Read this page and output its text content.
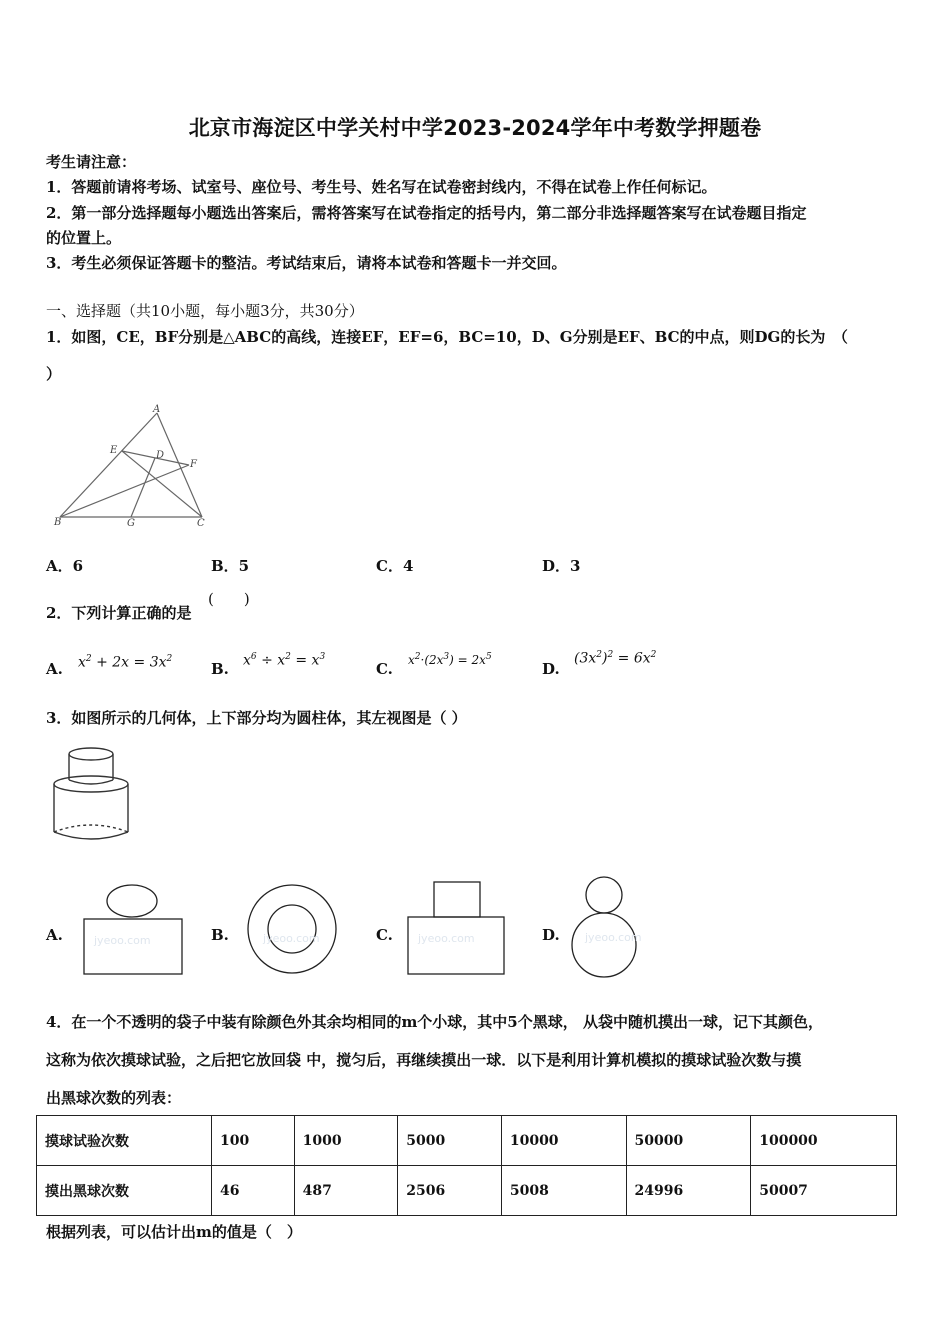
北京市海淀区中学关村中学2023-2024学年中考数学押题卷
考生请注意：
1．答题前请将考场、试室号、座位号、考生号、姓名写在试卷密封线内，不得在试卷上作任何标记。
2．第一部分选择题每小题选出答案后，需将答案写在试卷指定的括号内，第二部分非选择题答案写在试卷题目指定
的位置上。
3．考生必须保证答题卡的整洁。考试结束后，请将本试卷和答题卡一并交回。
一、选择题（共10小题，每小题3分，共30分）
1．如图，CE，BF分别是△ABC的高线，连接EF，EF=6，BC=10，D、G分别是EF、BC的中点，则DG的长为　（
）
A
E	D
F
B	G	C
A．6	B．5	C．4	D．3
2．下列计算正确的是
(　　)
A. $x^2 + 2x = 3x^2$
B. $x^6 \div x^2 = x^3$
C. $x^2\cdot(2x^3) = 2x^5$
D.
$(3x^2)^2 = 6x^2$
3．如图所示的几何体，上下部分均为圆柱体，其左视图是（ ）
A.	jyeoo.com	B.	jyeoo.com	C. jyeoo.com	D. jyeoo.com
4．在一个不透明的袋子中装有除颜色外其余均相同的m个小球，其中5个黑球， 从袋中随机摸出一球，记下其颜色，
这称为依次摸球试验，之后把它放回袋 中，搅匀后，再继续摸出一球．以下是利用计算机模拟的摸球试验次数与摸
出黑球次数的列表：
摸球试验次数	100	1000	5000	10000	50000	100000
摸出黑球次数	46	487	2506	5008	24996	50007
根据列表，可以估计出m的值是（　）
